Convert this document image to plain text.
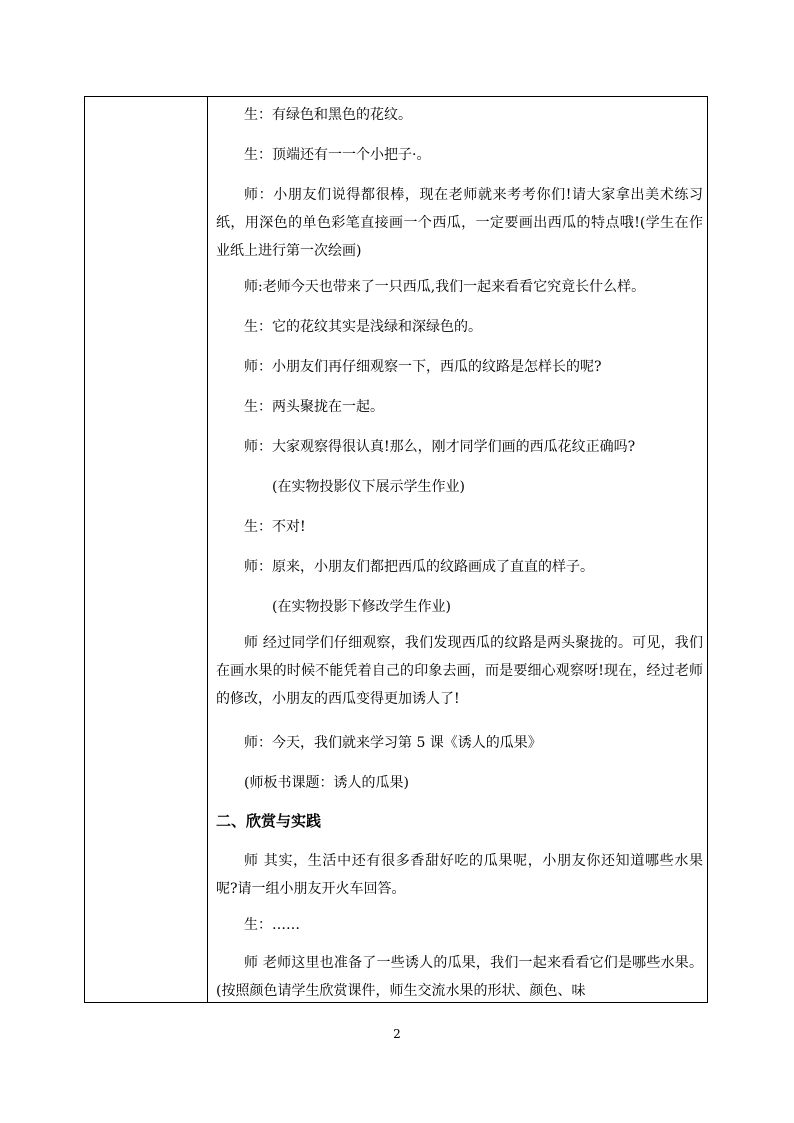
生：有绿色和黑色的花纹。
生：顶端还有一一个小把子·。
师：小朋友们说得都很棒，现在老师就来考考你们!请大家拿出美术练习纸，用深色的单色彩笔直接画一个西瓜，一定要画出西瓜的特点哦!(学生在作业纸上进行第一次绘画)
师:老师今天也带来了一只西瓜,我们一起来看看它究竟长什么样。
生：它的花纹其实是浅绿和深绿色的。
师：小朋友们再仔细观察一下，西瓜的纹路是怎样长的呢?
生：两头聚拢在一起。
师：大家观察得很认真!那么，刚才同学们画的西瓜花纹正确吗?
(在实物投影仪下展示学生作业)
生：不对!
师：原来，小朋友们都把西瓜的纹路画成了直直的样子。
(在实物投影下修改学生作业)
师 经过同学们仔细观察，我们发现西瓜的纹路是两头聚拢的。可见，我们在画水果的时候不能凭着自己的印象去画，而是要细心观察呀!现在，经过老师的修改，小朋友的西瓜变得更加诱人了!
师：今天，我们就来学习第 5 课《诱人的瓜果》
(师板书课题：诱人的瓜果)
二、欣赏与实践
师 其实，生活中还有很多香甜好吃的瓜果呢，小朋友你还知道哪些水果呢?请一组小朋友开火车回答。
生：……
师 老师这里也准备了一些诱人的瓜果，我们一起来看看它们是哪些水果。(按照颜色请学生欣赏课件，师生交流水果的形状、颜色、味
2
